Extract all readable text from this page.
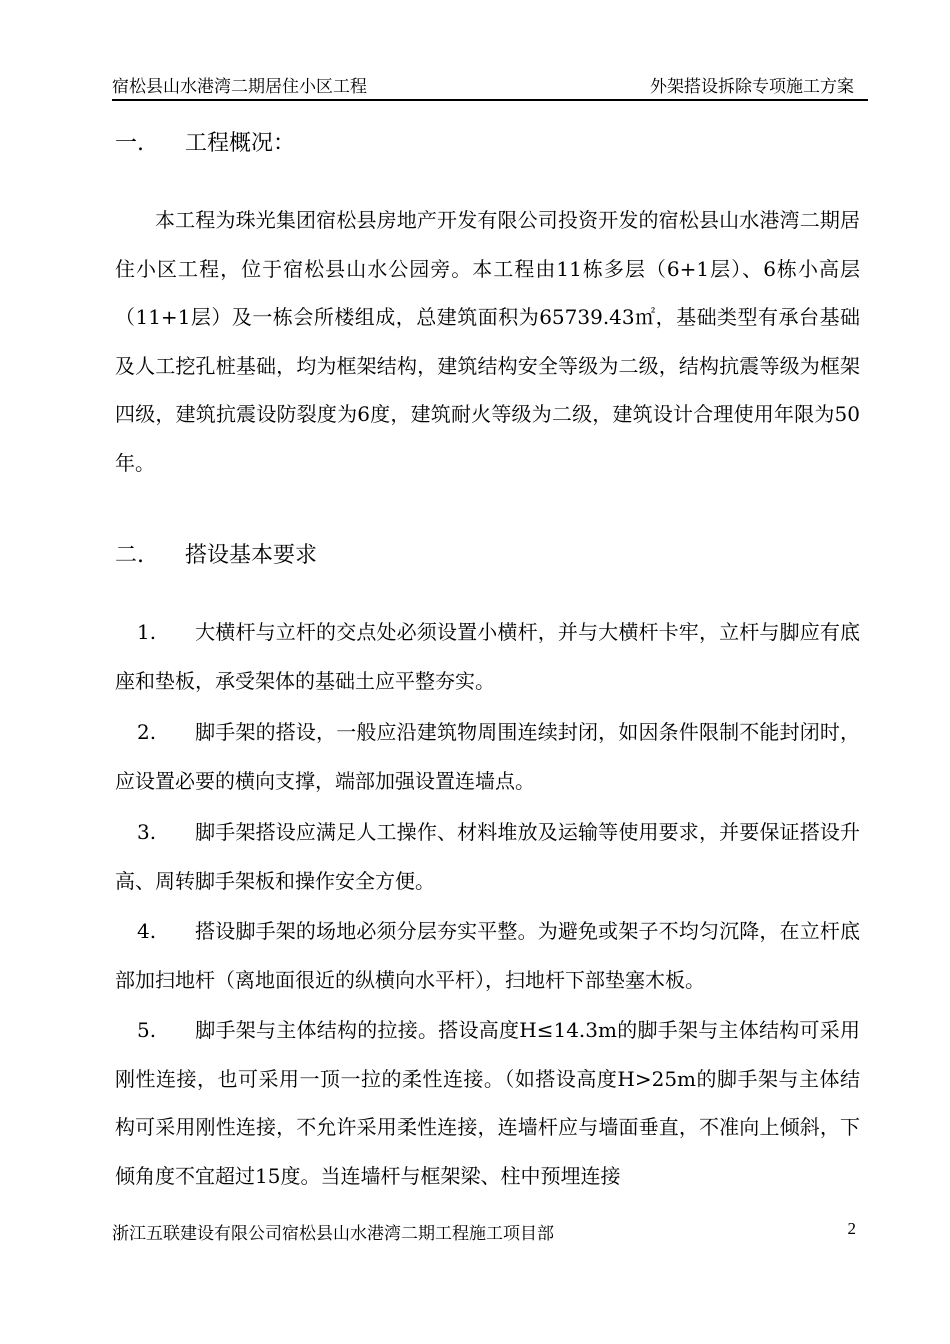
宿松县山水港湾二期居住小区工程	外架搭设拆除专项施工方案
一. 工程概况：

本工程为珠光集团宿松县房地产开发有限公司投资开发的宿松县山水港湾二期居住小区工程，位于宿松县山水公园旁。本工程由11栋多层（6+1层）、6栋小高层（11+1层）及一栋会所楼组成，总建筑面积为65739.43㎡，基础类型有承台基础及人工挖孔桩基础，均为框架结构，建筑结构安全等级为二级，结构抗震等级为框架四级，建筑抗震设防裂度为6度，建筑耐火等级为二级，建筑设计合理使用年限为50年。

二. 搭设基本要求
1. 大横杆与立杆的交点处必须设置小横杆，并与大横杆卡牢，立杆与脚应有底座和垫板，承受架体的基础土应平整夯实。
2. 脚手架的搭设，一般应沿建筑物周围连续封闭，如因条件限制不能封闭时，应设置必要的横向支撑，端部加强设置连墙点。
3. 脚手架搭设应满足人工操作、材料堆放及运输等使用要求，并要保证搭设升高、周转脚手架板和操作安全方便。
4. 搭设脚手架的场地必须分层夯实平整。为避免或架子不均匀沉降，在立杆底部加扫地杆（离地面很近的纵横向水平杆），扫地杆下部垫塞木板。
5. 脚手架与主体结构的拉接。搭设高度H≤14.3m的脚手架与主体结构可采用刚性连接，也可采用一顶一拉的柔性连接。（如搭设高度H>25m的脚手架与主体结构可采用刚性连接，不允许采用柔性连接，连墙杆应与墙面垂直，不准向上倾斜，下倾角度不宜超过15度。当连墙杆与框架梁、柱中预埋连接
浙江五联建设有限公司宿松县山水港湾二期工程施工项目部	2
